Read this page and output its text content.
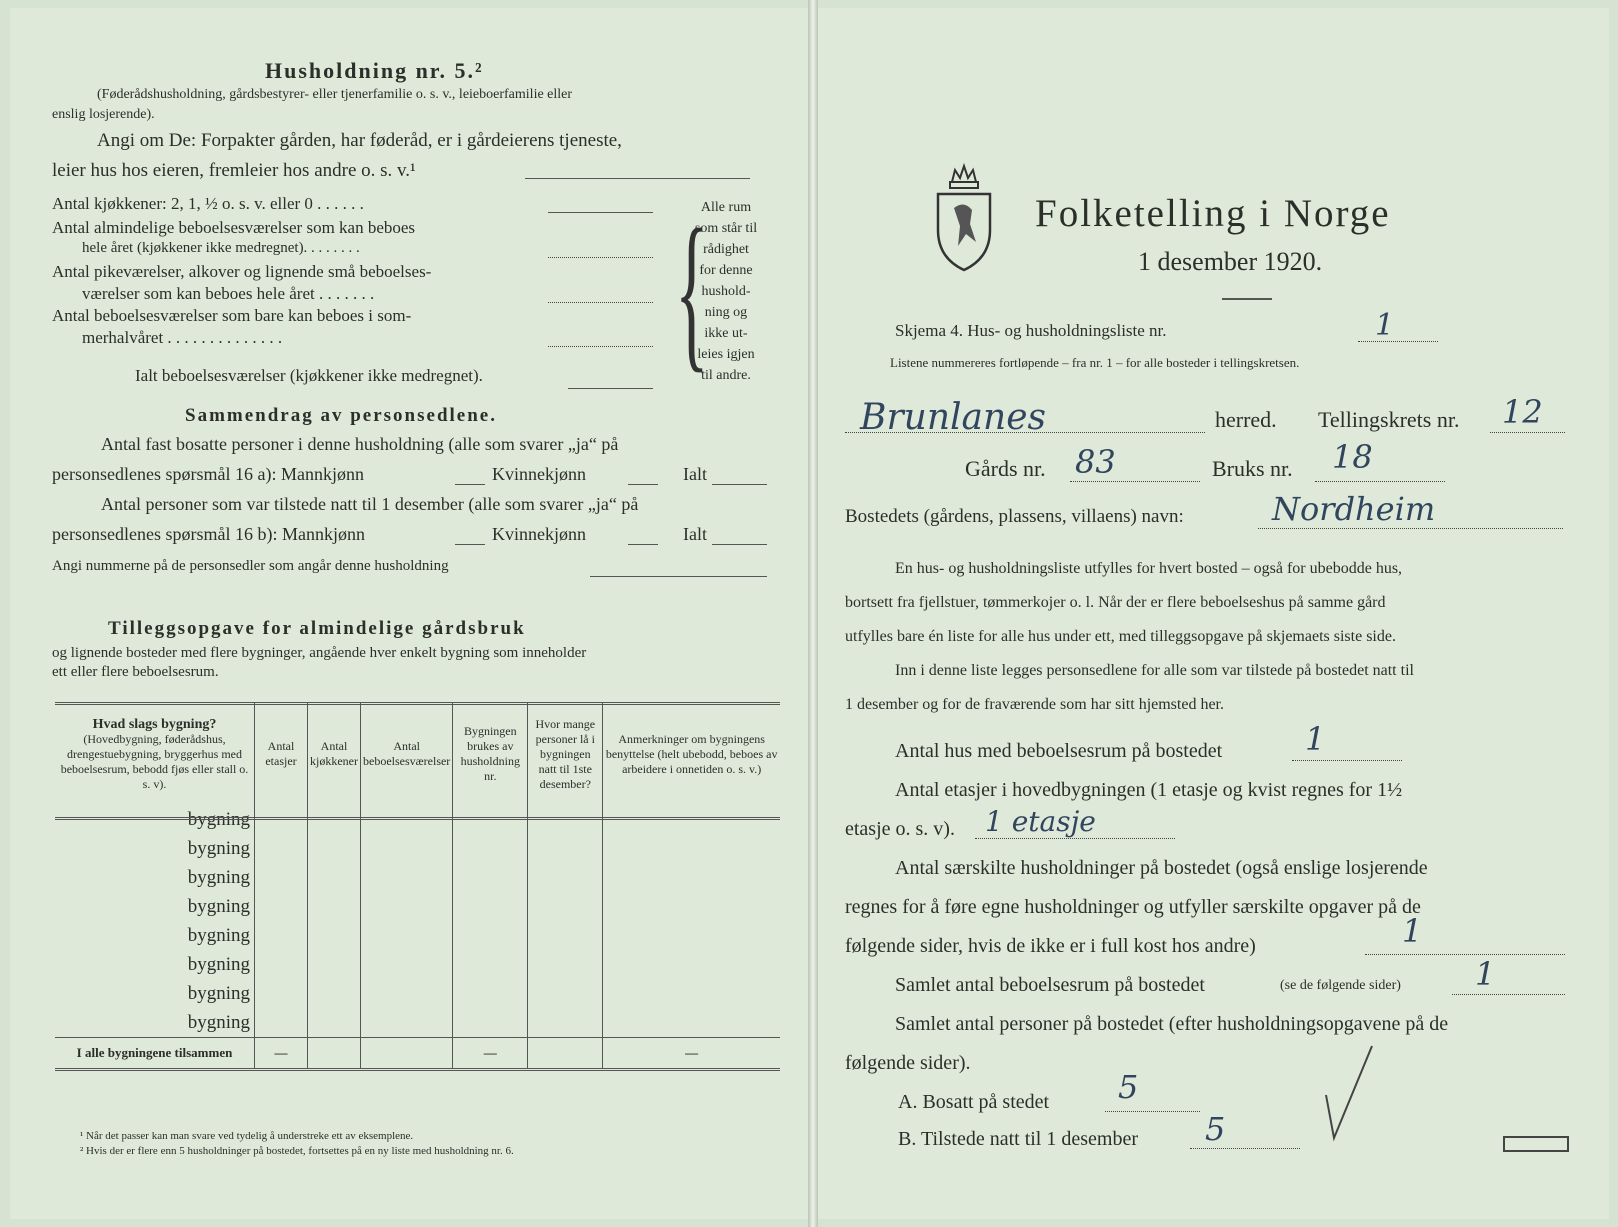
Husholdning nr. 5.²
(Føderådshusholdning, gårdsbestyrer- eller tjenerfamilie o. s. v., leieboerfamilie eller
enslig losjerende).
Angi om De: Forpakter gården, har føderåd, er i gårdeierens tjeneste,
leier hus hos eieren, fremleier hos andre o. s. v.¹
Antal kjøkkener: 2, 1, ½ o. s. v. eller 0 . . . . . .
Antal almindelige beboelsesværelser som kan beboes
hele året (kjøkkener ikke medregnet). . . . . . . .
Antal pikeværelser, alkover og lignende små beboelses-
værelser som kan beboes hele året . . . . . . .
Antal beboelsesværelser som bare kan beboes i som-
merhalvåret . . . . . . . . . . . . . .
Ialt beboelsesværelser (kjøkkener ikke medregnet). {
Alle rum
som står til
rådighet
for denne
hushold-
ning og
ikke ut-
leies igjen
til andre.
Sammendrag av personsedlene.
Antal fast bosatte personer i denne husholdning (alle som svarer „ja“ på
personsedlenes spørsmål 16 a): Mannkjønn	Kvinnekjønn	Ialt
Antal personer som var tilstede natt til 1 desember (alle som svarer „ja“ på
personsedlenes spørsmål 16 b): Mannkjønn	Kvinnekjønn	Ialt
Angi nummerne på de personsedler som angår denne husholdning
Tilleggsopgave for almindelige gårdsbruk
og lignende bosteder med flere bygninger, angående hver enkelt bygning som inneholder
ett eller flere beboelsesrum.
Hvad slags bygning?
(Hovedbygning, føderådshus, drengestuebygning, bryggerhus med beboelsesrum, bebodd fjøs eller stall o. s. v).	Antal etasjer	Antal kjøkkener	Antal beboelsesværelser	Bygningen brukes av husholdning nr.	Hvor mange personer lå i bygningen natt til 1ste desember?	Anmerkninger om bygningens benyttelse (helt ubebodd, beboes av arbeidere i onnetiden o. s. v.)
bygning						
bygning						
bygning						
bygning						
bygning						
bygning						
bygning						
bygning						
I alle bygningene tilsammen	—			—		—
¹ Når det passer kan man svare ved tydelig å understreke ett av eksemplene.
² Hvis der er flere enn 5 husholdninger på bostedet, fortsettes på en ny liste med husholdning nr. 6.
Folketelling i Norge
1 desember 1920.
Skjema 4. Hus- og husholdningsliste nr.	1
Listene nummereres fortløpende – fra nr. 1 – for alle bosteder i tellingskretsen.
Brunlanes	herred. Tellingskrets nr. 12
Gårds nr. 83	Bruks nr. 18
Bostedets (gårdens, plassens, villaens) navn:	Nordheim
En hus- og husholdningsliste utfylles for hvert bosted – også for ubebodde hus,
bortsett fra fjellstuer, tømmerkojer o. l. Når der er flere beboelseshus på samme gård
utfylles bare én liste for alle hus under ett, med tilleggsopgave på skjemaets siste side.
Inn i denne liste legges personsedlene for alle som var tilstede på bostedet natt til
1 desember og for de fraværende som har sitt hjemsted her.
Antal hus med beboelsesrum på bostedet	1
Antal etasjer i hovedbygningen (1 etasje og kvist regnes for 1½
etasje o. s. v). 1 etasje
Antal særskilte husholdninger på bostedet (også enslige losjerende
regnes for å føre egne husholdninger og utfyller særskilte opgaver på de
følgende sider, hvis de ikke er i full kost hos andre)	1
Samlet antal beboelsesrum på bostedet	(se de følgende sider) 1
Samlet antal personer på bostedet (efter husholdningsopgavene på de
følgende sider).
A. Bosatt på stedet 5
B. Tilstede natt til 1 desember 5
